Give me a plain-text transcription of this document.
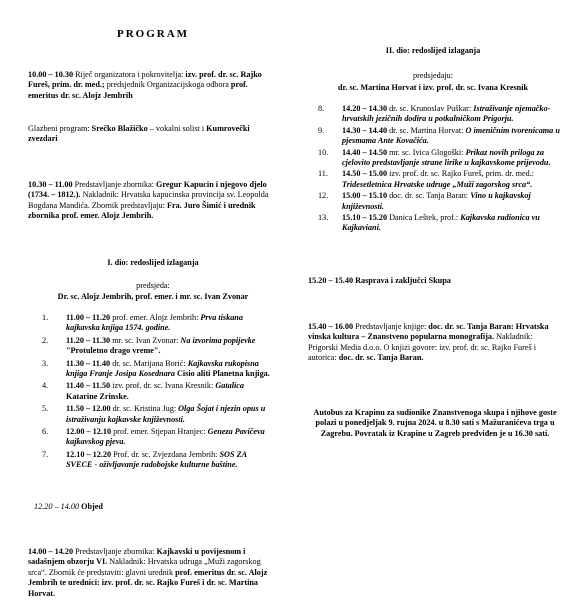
PROGRAM
10.00 – 10.30 Riječ organizatora i pokrovitelja: izv. prof. dr. sc. Rajko Fureš, prim. dr. med.; predsjednik Organizacijskoga odbora prof. emeritus dr. sc. Alojz Jembrih
Glazbeni program: Srečko Blažičko – vokalni solist i Kumrovečki zvezdari
10.30 – 11.00 Predstavljanje zbornika: Gregur Kapucin i njegovo djelo (1734. – 1812.). Nakladnik: Hrvatska kapucinska provincija sv. Leopolda Bogdana Mandića. Zbornik predstavljaju: Fra. Juro Šimić i urednik zbornika prof. emer. Alojz Jembrih.
I. dio: redoslijed izlaganja
predsjeda:
Dr. sc. Alojz Jembrih, prof. emer. i mr. sc. Ivan Zvonar
1.	11.00 – 11.20 prof. emer. Alojz Jembrih: Prva tiskana kajkavska knjiga 1574. godine.
2.	11.20 – 11.30 mr. sc. Ivan Zvonar: Na izvorima popijevke "Protuletno drago vreme".
3.	11.30 – 11.40 dr. sc. Marijana Borić: Kajkavska rukopisna knjiga Franje Josipa Kosednara Cisio aliti Planetna knjiga.
4.	11.40 – 11.50 izv. prof. dr. sc. Ivana Kresnik: Gatalica Katarine Zrinske.
5.	11.50 – 12.00 dr. sc. Kristina Jug: Olga Šojat i njezin opus u istraživanju kajkavske književnosti.
6.	12.00 – 12.10 prof. emer. Stjepan Hranjec: Geneza Pavičeva kajkavskog pjeva.
7.	12.10 – 12.20 Prof. dr. sc. Zvjezdana Jembrih: SOS ZA SVECE - oživljavanje radobojske kulturne baštine.
12.20 – 14.00 Objed
14.00 – 14.20 Predstavljanje zbornika: Kajkavski u povijesnom i sadašnjem obzorju VI. Nakladnik: Hrvatska udruga „Muži zagorskog srca“. Zbornik će predstaviti: glavni urednik prof. emeritus dr. sc. Alojz Jembrih te urednici: izv. prof. dr. sc. Rajko Fureš i dr. sc. Martina Horvat.
II. dio: redoslijed izlaganja
predsjedaju:
dr. sc. Martina Horvat i izv. prof. dr. sc. Ivana Kresnik
8.	14.20 – 14.30 dr. sc. Krunoslav Puškar: Istraživanje njemačko-hrvatskih jezičnih dodira u potkalničkom Prigorju.
9.	14.30 – 14.40 dr. sc. Martina Horvat: O imeničnim tvorenicama u pjesmama Ante Kovačića.
10.	14.40 – 14.50 mr. sc. Ivica Glogoški: Prikaz novih priloga za cjelovito predstavljanje strane lirike u kajkavskome prijevodu.
11.	14.50 – 15.00 izv. prof. dr. sc. Rajko Fureš, prim. dr. med.: Tridesetletnica Hrvatske udruge „Muži zagorskog srca“.
12.	15.00 – 15.10 doc. dr. sc. Tanja Baran: Vino u kajkavskoj književnosti.
13.	15.10 – 15.20 Danica Leštek, prof.: Kajkavska radionica vu Kajkaviani.
15.20 – 15.40 Rasprava i zaključci Skupa
15.40 – 16.00 Predstavljanje knjige: doc. dr. sc. Tanja Baran: Hrvatska vinska kultura – Znanstveno popularna monografija. Nakladnik: Prigorski Media d.o.o. O knjizi govore: izv. prof. dr. sc. Rajko Fureš i autorica: doc. dr. sc. Tanja Baran.
Autobus za Krapinu za sudionike Znanstvenoga skupa i njihove goste polazi u ponedjeljak 9. rujna 2024. u 8.30 sati s Mažuranićeva trga u Zagrebu. Povratak iz Krapine u Zagreb predviđen je u 16.30 sati.
